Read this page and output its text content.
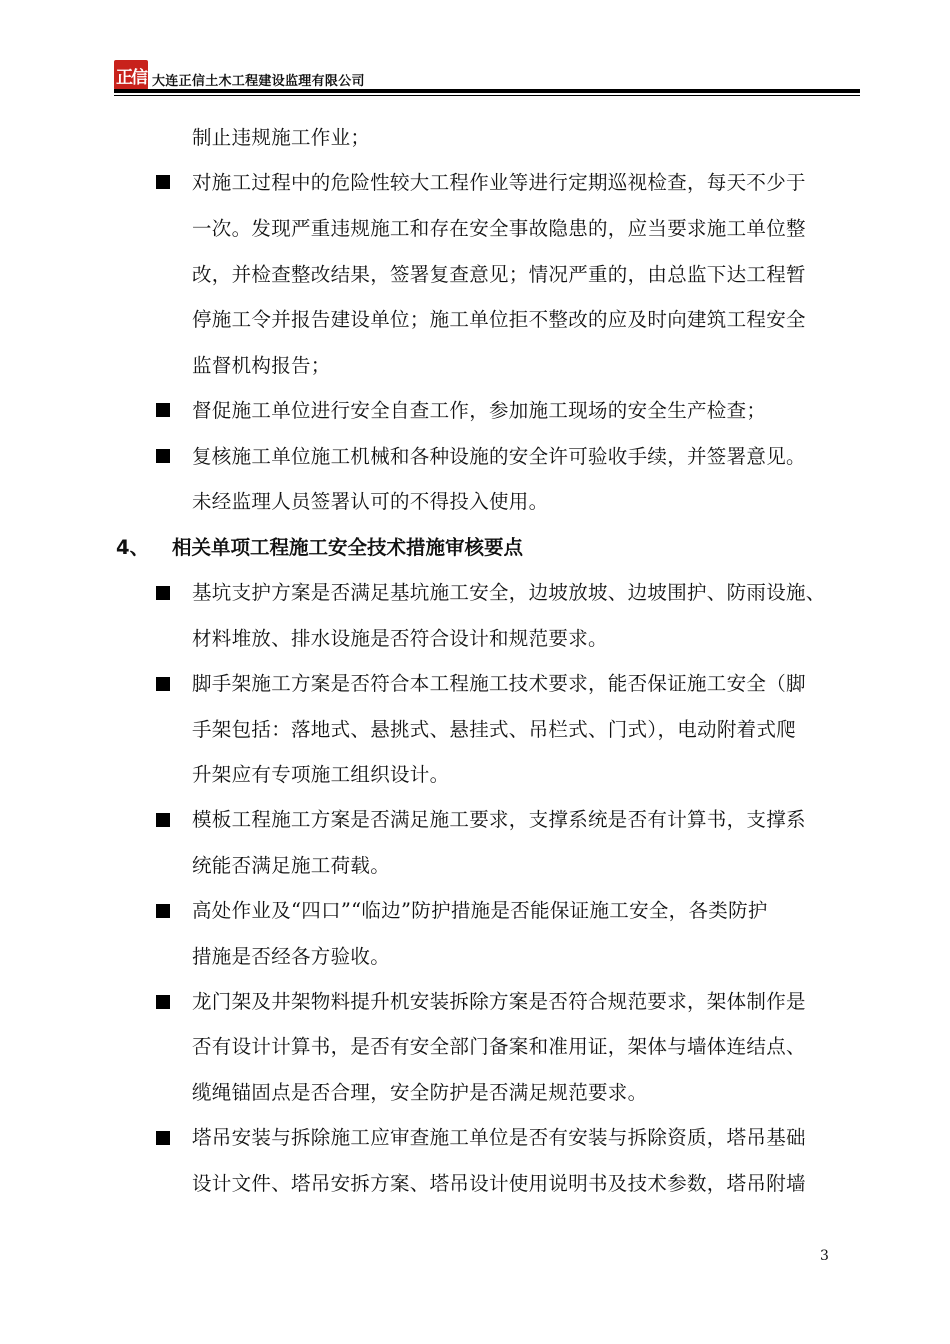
正信 大连正信土木工程建设监理有限公司
制止违规施工作业；
对施工过程中的危险性较大工程作业等进行定期巡视检查，每天不少于
一次。发现严重违规施工和存在安全事故隐患的，应当要求施工单位整
改，并检查整改结果，签署复查意见；情况严重的，由总监下达工程暂
停施工令并报告建设单位；施工单位拒不整改的应及时向建筑工程安全
监督机构报告；
督促施工单位进行安全自查工作，参加施工现场的安全生产检查；
复核施工单位施工机械和各种设施的安全许可验收手续，并签署意见。
未经监理人员签署认可的不得投入使用。
4、 相关单项工程施工安全技术措施审核要点
基坑支护方案是否满足基坑施工安全，边坡放坡、边坡围护、防雨设施、
材料堆放、排水设施是否符合设计和规范要求。
脚手架施工方案是否符合本工程施工技术要求，能否保证施工安全（脚
手架包括：落地式、悬挑式、悬挂式、吊栏式、门式），电动附着式爬
升架应有专项施工组织设计。
模板工程施工方案是否满足施工要求，支撑系统是否有计算书，支撑系
统能否满足施工荷载。
高处作业及“四口”“临边”防护措施是否能保证施工安全，各类防护
措施是否经各方验收。
龙门架及井架物料提升机安装拆除方案是否符合规范要求，架体制作是
否有设计计算书，是否有安全部门备案和准用证，架体与墙体连结点、
缆绳锚固点是否合理，安全防护是否满足规范要求。
塔吊安装与拆除施工应审查施工单位是否有安装与拆除资质，塔吊基础
设计文件、塔吊安拆方案、塔吊设计使用说明书及技术参数，塔吊附墙
3
